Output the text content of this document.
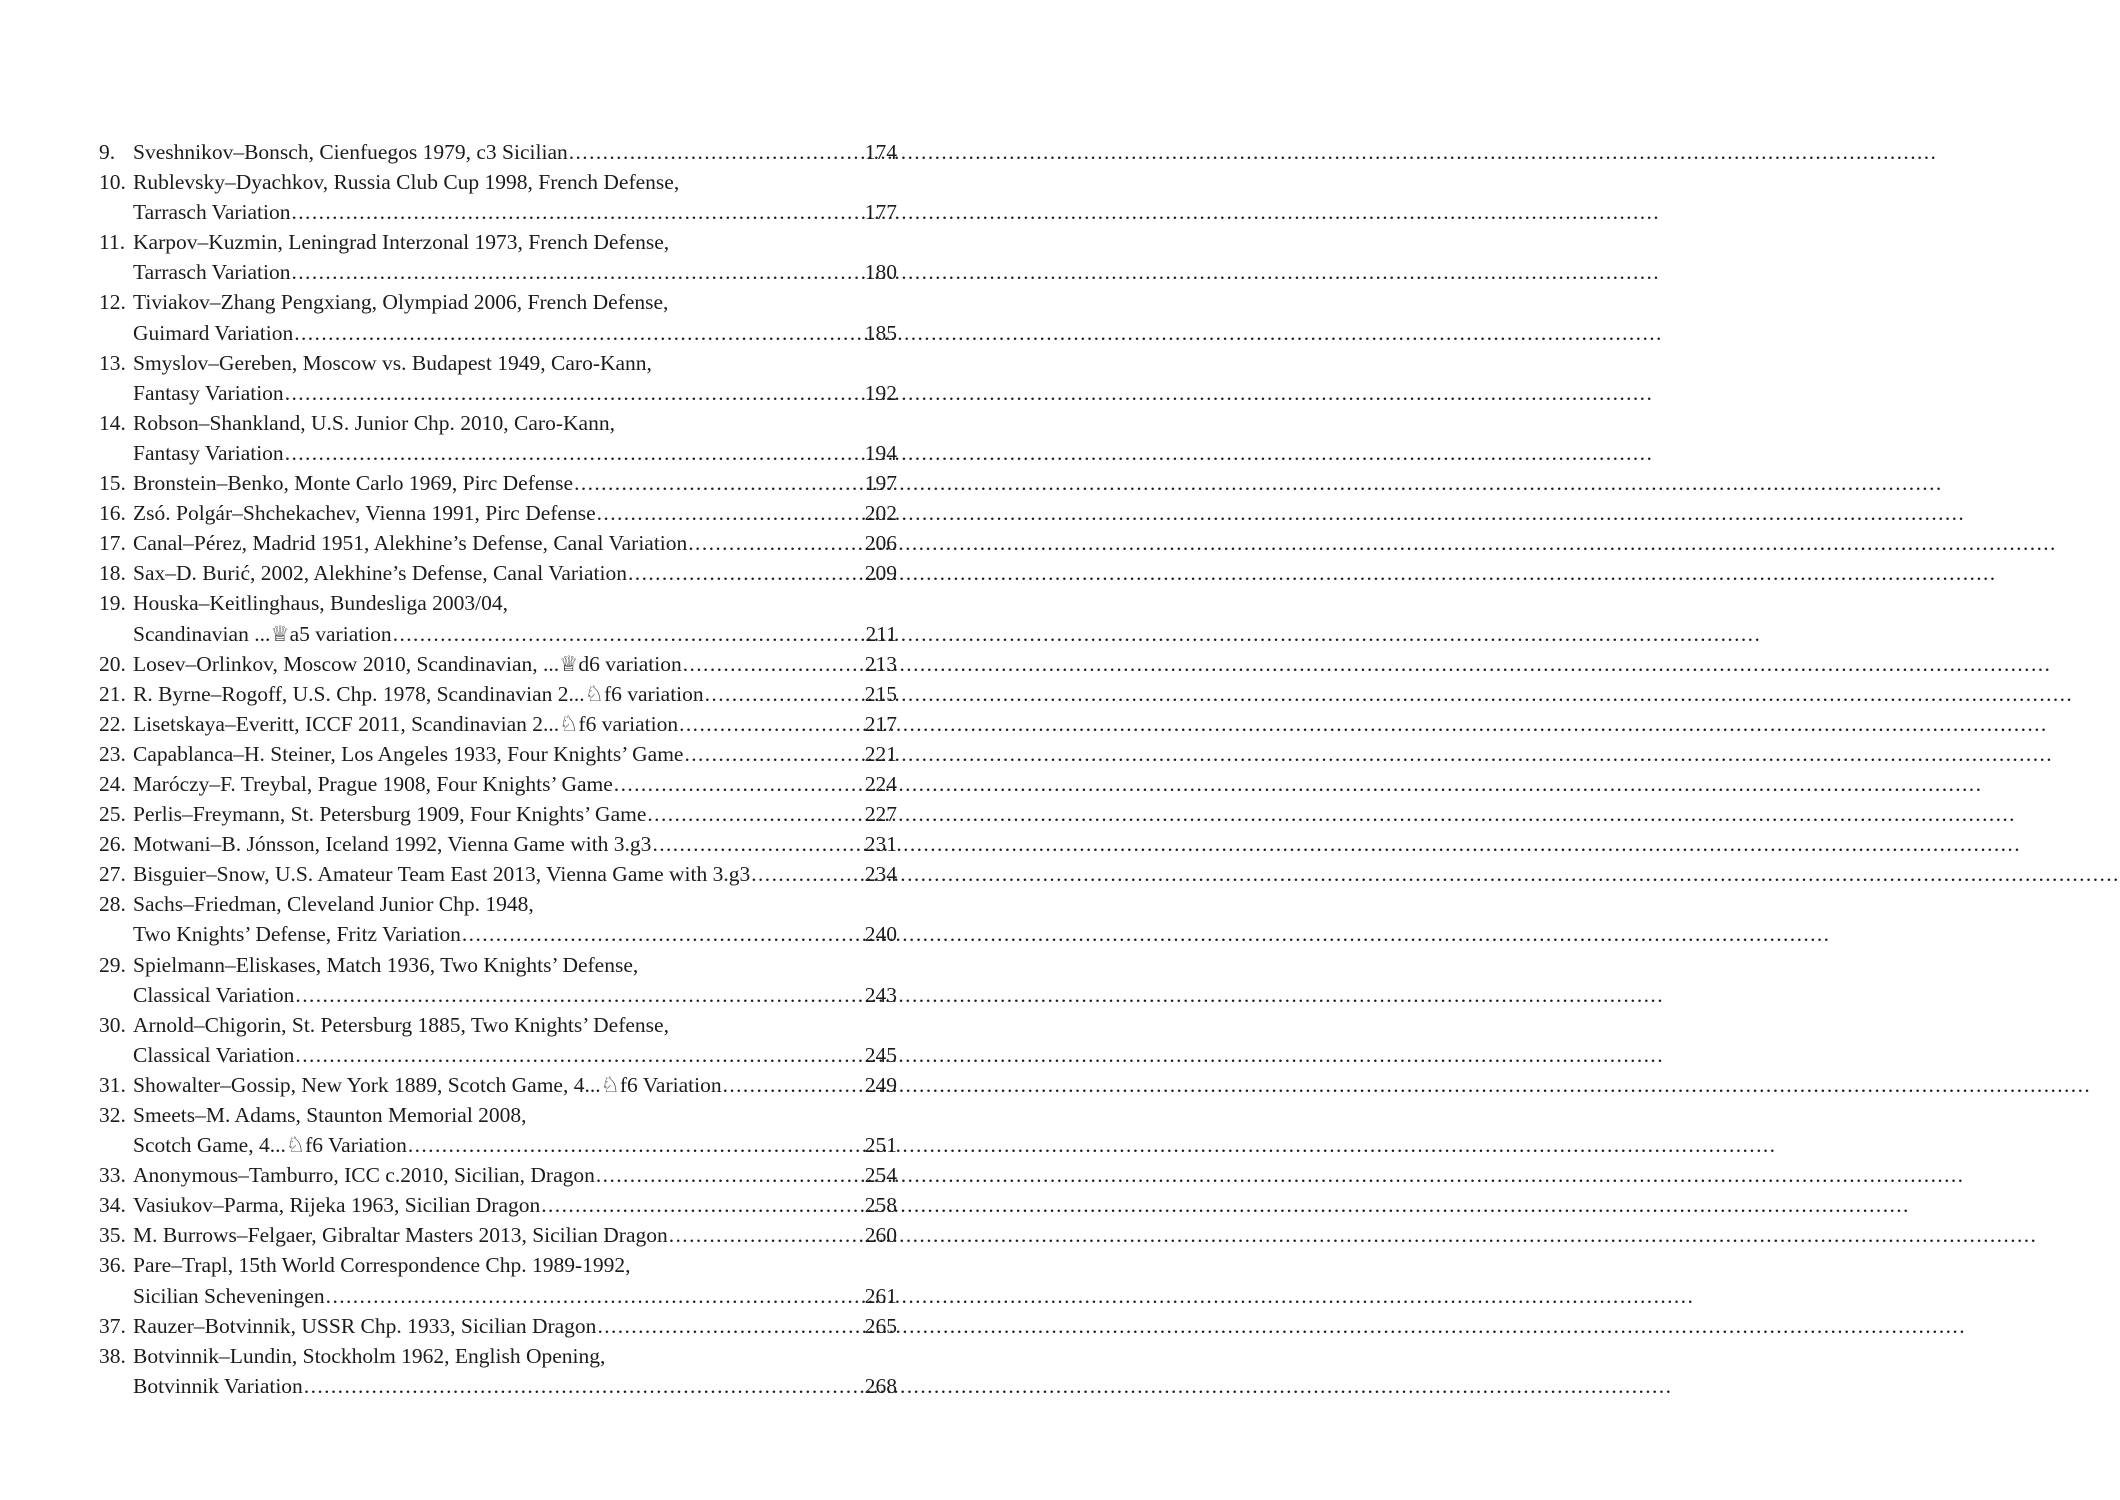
9. Sveshnikov–Bonsch, Cienfuegos 1979, c3 Sicilian .....	174
10. Rublevsky–Dyachkov, Russia Club Cup 1998, French Defense,
Tarrasch Variation .....	177
11. Karpov–Kuzmin, Leningrad Interzonal 1973, French Defense,
Tarrasch Variation .....	180
12. Tiviakov–Zhang Pengxiang, Olympiad 2006, French Defense,
Guimard Variation .....	185
13. Smyslov–Gereben, Moscow vs. Budapest 1949, Caro-Kann,
Fantasy Variation .....	192
14. Robson–Shankland, U.S. Junior Chp. 2010, Caro-Kann,
Fantasy Variation .....	194
15. Bronstein–Benko, Monte Carlo 1969, Pirc Defense .....	197
16. Zsó. Polgár–Shchekachev, Vienna 1991, Pirc Defense .....	202
17. Canal–Pérez, Madrid 1951, Alekhine’s Defense, Canal Variation .....	206
18. Sax–D. Burić, 2002, Alekhine’s Defense, Canal Variation .....	209
19. Houska–Keitlinghaus, Bundesliga 2003/04,
Scandinavian ...♕a5 variation .....	211
20. Losev–Orlinkov, Moscow 2010, Scandinavian, ...♕d6 variation .....	213
21. R. Byrne–Rogoff, U.S. Chp. 1978, Scandinavian 2...♘f6 variation .....	215
22. Lisetskaya–Everitt, ICCF 2011, Scandinavian 2...♘f6 variation .....	217
23. Capablanca–H. Steiner, Los Angeles 1933, Four Knights’ Game .....	221
24. Maróczy–F. Treybal, Prague 1908, Four Knights’ Game .....	224
25. Perlis–Freymann, St. Petersburg 1909, Four Knights’ Game .....	227
26. Motwani–B. Jónsson, Iceland 1992, Vienna Game with 3.g3 .....	231
27. Bisguier–Snow, U.S. Amateur Team East 2013, Vienna Game with 3.g3 .....	234
28. Sachs–Friedman, Cleveland Junior Chp. 1948,
Two Knights’ Defense, Fritz Variation .....	240
29. Spielmann–Eliskases, Match 1936, Two Knights’ Defense,
Classical Variation .....	243
30. Arnold–Chigorin, St. Petersburg 1885, Two Knights’ Defense,
Classical Variation .....	245
31. Showalter–Gossip, New York 1889, Scotch Game, 4...♘f6 Variation .....	249
32. Smeets–M. Adams, Staunton Memorial 2008,
Scotch Game, 4...♘f6 Variation .....	251
33. Anonymous–Tamburro, ICC c.2010, Sicilian, Dragon .....	254
34. Vasiukov–Parma, Rijeka 1963, Sicilian Dragon .....	258
35. M. Burrows–Felgaer, Gibraltar Masters 2013, Sicilian Dragon .....	260
36. Pare–Trapl, 15th World Correspondence Chp. 1989-1992,
Sicilian Scheveningen .....	261
37. Rauzer–Botvinnik, USSR Chp. 1933, Sicilian Dragon .....	265
38. Botvinnik–Lundin, Stockholm 1962, English Opening,
Botvinnik Variation .....	268
